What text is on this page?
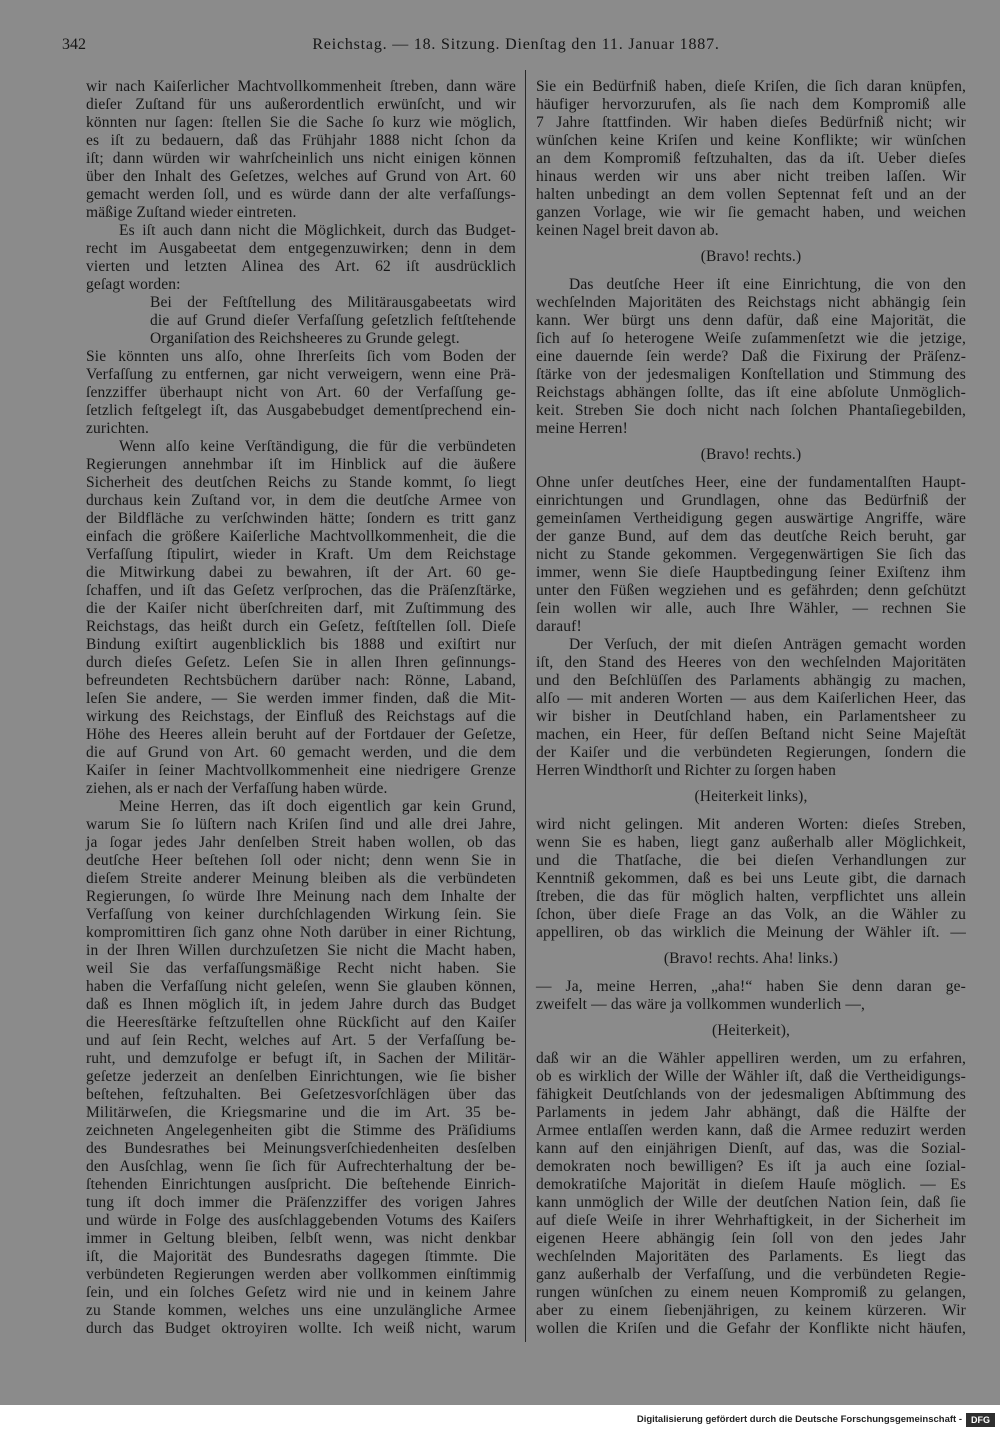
342	Reichstag. — 18. Sitzung. Dienſtag den 11. Januar 1887.
wir nach Kaiſerlicher Machtvollkommenheit ſtreben, dann wäre
dieſer Zuſtand für uns außerordentlich erwünſcht, und wir
könnten nur ſagen: ſtellen Sie die Sache ſo kurz wie möglich,
es iſt zu bedauern, daß das Frühjahr 1888 nicht ſchon da
iſt; dann würden wir wahrſcheinlich uns nicht einigen können
über den Inhalt des Geſetzes, welches auf Grund von Art. 60
gemacht werden ſoll, und es würde dann der alte verfaſſungs-
mäßige Zuſtand wieder eintreten.
Es iſt auch dann nicht die Möglichkeit, durch das Budget-
recht im Ausgabeetat dem entgegenzuwirken; denn in dem
vierten und letzten Alinea des Art. 62 iſt ausdrücklich
geſagt worden:
Bei der Feſtſtellung des Militärausgabeetats wird
die auf Grund dieſer Verfaſſung geſetzlich feſtſtehende
Organiſation des Reichsheeres zu Grunde gelegt.
Sie könnten uns alſo, ohne Ihrerſeits ſich vom Boden der
Verfaſſung zu entfernen, gar nicht verweigern, wenn eine Prä-
ſenzziffer überhaupt nicht von Art. 60 der Verfaſſung ge-
ſetzlich feſtgelegt iſt, das Ausgabebudget dementſprechend ein-
zurichten.
Wenn alſo keine Verſtändigung, die für die verbündeten
Regierungen annehmbar iſt im Hinblick auf die äußere
Sicherheit des deutſchen Reichs zu Stande kommt, ſo liegt
durchaus kein Zuſtand vor, in dem die deutſche Armee von
der Bildfläche zu verſchwinden hätte; ſondern es tritt ganz
einfach die größere Kaiſerliche Machtvollkommenheit, die die
Verfaſſung ſtipulirt, wieder in Kraft. Um dem Reichstage
die Mitwirkung dabei zu bewahren, iſt der Art. 60 ge-
ſchaffen, und iſt das Geſetz verſprochen, das die Präſenzſtärke,
die der Kaiſer nicht überſchreiten darf, mit Zuſtimmung des
Reichstags, das heißt durch ein Geſetz, feſtſtellen ſoll. Dieſe
Bindung exiſtirt augenblicklich bis 1888 und exiſtirt nur
durch dieſes Geſetz. Leſen Sie in allen Ihren geſinnungs-
befreundeten Rechtsbüchern darüber nach: Rönne, Laband,
leſen Sie andere, — Sie werden immer finden, daß die Mit-
wirkung des Reichstags, der Einfluß des Reichstags auf die
Höhe des Heeres allein beruht auf der Fortdauer der Geſetze,
die auf Grund von Art. 60 gemacht werden, und die dem
Kaiſer in ſeiner Machtvollkommenheit eine niedrigere Grenze
ziehen, als er nach der Verfaſſung haben würde.
Meine Herren, das iſt doch eigentlich gar kein Grund,
warum Sie ſo lüſtern nach Kriſen ſind und alle drei Jahre,
ja ſogar jedes Jahr denſelben Streit haben wollen, ob das
deutſche Heer beſtehen ſoll oder nicht; denn wenn Sie in
dieſem Streite anderer Meinung bleiben als die verbündeten
Regierungen, ſo würde Ihre Meinung nach dem Inhalte der
Verfaſſung von keiner durchſchlagenden Wirkung ſein. Sie
kompromittiren ſich ganz ohne Noth darüber in einer Richtung,
in der Ihren Willen durchzuſetzen Sie nicht die Macht haben,
weil Sie das verfaſſungsmäßige Recht nicht haben. Sie
haben die Verfaſſung nicht geleſen, wenn Sie glauben können,
daß es Ihnen möglich iſt, in jedem Jahre durch das Budget
die Heeresſtärke feſtzuſtellen ohne Rückſicht auf den Kaiſer
und auf ſein Recht, welches auf Art. 5 der Verfaſſung be-
ruht, und demzufolge er befugt iſt, in Sachen der Militär-
geſetze jederzeit an denſelben Einrichtungen, wie ſie bisher
beſtehen, feſtzuhalten. Bei Geſetzesvorſchlägen über das
Militärweſen, die Kriegsmarine und die im Art. 35 be-
zeichneten Angelegenheiten gibt die Stimme des Präſidiums
des Bundesrathes bei Meinungsverſchiedenheiten desſelben
den Ausſchlag, wenn ſie ſich für Aufrechterhaltung der be-
ſtehenden Einrichtungen ausſpricht. Die beſtehende Einrich-
tung iſt doch immer die Präſenzziffer des vorigen Jahres
und würde in Folge des ausſchlaggebenden Votums des Kaiſers
immer in Geltung bleiben, ſelbſt wenn, was nicht denkbar
iſt, die Majorität des Bundesraths dagegen ſtimmte. Die
verbündeten Regierungen werden aber vollkommen einſtimmig
ſein, und ein ſolches Geſetz wird nie und in keinem Jahre
zu Stande kommen, welches uns eine unzulängliche Armee
durch das Budget oktroyiren wollte. Ich weiß nicht, warum
Sie ein Bedürfniß haben, dieſe Kriſen, die ſich daran knüpfen,
häufiger hervorzurufen, als ſie nach dem Kompromiß alle
7 Jahre ſtattfinden. Wir haben dieſes Bedürfniß nicht; wir
wünſchen keine Kriſen und keine Konflikte; wir wünſchen
an dem Kompromiß feſtzuhalten, das da iſt. Ueber dieſes
hinaus werden wir uns aber nicht treiben laſſen. Wir
halten unbedingt an dem vollen Septennat feſt und an der
ganzen Vorlage, wie wir ſie gemacht haben, und weichen
keinen Nagel breit davon ab.
(Bravo! rechts.)
Das deutſche Heer iſt eine Einrichtung, die von den
wechſelnden Majoritäten des Reichstags nicht abhängig ſein
kann. Wer bürgt uns denn dafür, daß eine Majorität, die
ſich auf ſo heterogene Weiſe zuſammenſetzt wie die jetzige,
eine dauernde ſein werde? Daß die Fixirung der Präſenz-
ſtärke von der jedesmaligen Konſtellation und Stimmung des
Reichstags abhängen ſollte, das iſt eine abſolute Unmöglich-
keit. Streben Sie doch nicht nach ſolchen Phantaſiegebilden,
meine Herren!
(Bravo! rechts.)
Ohne unſer deutſches Heer, eine der fundamentalſten Haupt-
einrichtungen und Grundlagen, ohne das Bedürfniß der
gemeinſamen Vertheidigung gegen auswärtige Angriffe, wäre
der ganze Bund, auf dem das deutſche Reich beruht, gar
nicht zu Stande gekommen. Vergegenwärtigen Sie ſich das
immer, wenn Sie dieſe Hauptbedingung ſeiner Exiſtenz ihm
unter den Füßen wegziehen und es gefährden; denn geſchützt
ſein wollen wir alle, auch Ihre Wähler, — rechnen Sie
darauf!
Der Verſuch, der mit dieſen Anträgen gemacht worden
iſt, den Stand des Heeres von den wechſelnden Majoritäten
und den Beſchlüſſen des Parlaments abhängig zu machen,
alſo — mit anderen Worten — aus dem Kaiſerlichen Heer, das
wir bisher in Deutſchland haben, ein Parlamentsheer zu
machen, ein Heer, für deſſen Beſtand nicht Seine Majeſtät
der Kaiſer und die verbündeten Regierungen, ſondern die
Herren Windthorſt und Richter zu ſorgen haben
(Heiterkeit links),
wird nicht gelingen. Mit anderen Worten: dieſes Streben,
wenn Sie es haben, liegt ganz außerhalb aller Möglichkeit,
und die Thatſache, die bei dieſen Verhandlungen zur
Kenntniß gekommen, daß es bei uns Leute gibt, die darnach
ſtreben, die das für möglich halten, verpflichtet uns allein
ſchon, über dieſe Frage an das Volk, an die Wähler zu
appelliren, ob das wirklich die Meinung der Wähler iſt. —
(Bravo! rechts. Aha! links.)
— Ja, meine Herren, „aha!“ haben Sie denn daran ge-
zweifelt — das wäre ja vollkommen wunderlich —,
(Heiterkeit),
daß wir an die Wähler appelliren werden, um zu erfahren,
ob es wirklich der Wille der Wähler iſt, daß die Vertheidigungs-
fähigkeit Deutſchlands von der jedesmaligen Abſtimmung des
Parlaments in jedem Jahr abhängt, daß die Hälfte der
Armee entlaſſen werden kann, daß die Armee reduzirt werden
kann auf den einjährigen Dienſt, auf das, was die Sozial-
demokraten noch bewilligen? Es iſt ja auch eine ſozial-
demokratiſche Majorität in dieſem Hauſe möglich. — Es
kann unmöglich der Wille der deutſchen Nation ſein, daß ſie
auf dieſe Weiſe in ihrer Wehrhaftigkeit, in der Sicherheit im
eigenen Heere abhängig ſein ſoll von den jedes Jahr
wechſelnden Majoritäten des Parlaments. Es liegt das
ganz außerhalb der Verfaſſung, und die verbündeten Regie-
rungen wünſchen zu einem neuen Kompromiß zu gelangen,
aber zu einem ſiebenjährigen, zu keinem kürzeren. Wir
wollen die Kriſen und die Gefahr der Konflikte nicht häufen,
Digitalisierung gefördert durch die Deutsche Forschungsgemeinschaft -	DFG
